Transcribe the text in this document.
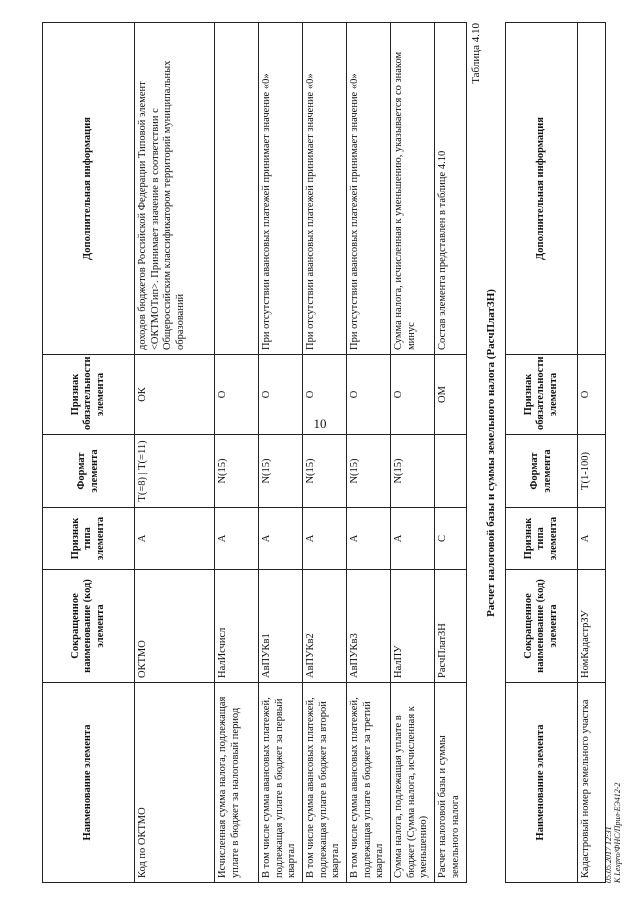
10
Наименование элемента	Сокращенное наименование (код) элемента	Признак типа элемента	Формат элемента	Признак обязательности элемента	Дополнительная информация
Код по ОКТМО	ОКТМО	А	T(=8) | T(=11)	ОК	доходов бюджетов Российской Федерации Типовой элемент <ОКТМОТип>. Принимает значение в соответствии с Общероссийским классификатором территорий муниципальных образований
Исчисленная сумма налога, подлежащая уплате в бюджет за налоговый период	НалИсчисл	А	N(15)	О	
В том числе сумма авансовых платежей, подлежащая уплате в бюджет за первый квартал	АвПУКв1	А	N(15)	О	При отсутствии авансовых платежей принимает значение «0»
В том числе сумма авансовых платежей, подлежащая уплате в бюджет за второй квартал	АвПУКв2	А	N(15)	О	При отсутствии авансовых платежей принимает значение «0»
В том числе сумма авансовых платежей, подлежащая уплате в бюджет за третий квартал	АвПУКв3	А	N(15)	О	При отсутствии авансовых платежей принимает значение «0»
Сумма налога, подлежащая уплате в бюджет (Сумма налога, исчисленная к уменьшению)	НалПУ	А	N(15)	О	Сумма налога, исчисленная к уменьшению, указывается со знаком минус
Расчет налоговой базы и суммы земельного налога	РасчПлатЗН	С		ОМ	Состав элемента представлен в таблице 4.10
Таблица 4.10
Расчет налоговой базы и суммы земельного налога (РасчПлатЗН)
Наименование элемента	Сокращенное наименование (код) элемента	Признак типа элемента	Формат элемента	Признак обязательности элемента	Дополнительная информация
Кадастровый номер земельного участка	НомКадастрЗУ	А	T(1-100)	О	
05.05.2017 12:31 К Lexpro/ФНС/Прил-ЕЭ412-2
